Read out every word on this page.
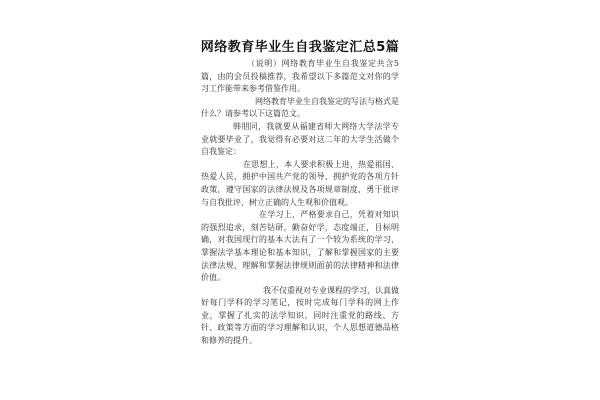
网络教育毕业生自我鉴定汇总5篇

（说明）网络教育毕业生自我鉴定共含5篇，由的会员投稿推荐，我希望以下多篇范文对你的学习工作能带来参考借鉴作用。

网络教育毕业生自我鉴定的写法与格式是什么？请参考以下这篇范文。

韩朋同，我就要从福建省师大网络大学法学专业就要毕业了，我觉得有必要对这二年的大学生活做个自我鉴定：

在思想上，本人要求积极上进，热爱祖国、热爱人民，拥护中国共产党的领导、拥护党的各项方针政策，遵守国家的法律法规及各项规章制度，勇于批评与自我批评，树立正确的人生观和价值观。

在学习上，严格要求自己，凭着对知识的强烈追求，刻苦钻研，勤奋好学，态度端正，目标明确，对我国现行的基本大法有了一个较为系统的学习，掌握法学基本理论和基本知识，了解和掌握国家的主要法律法规，理解和掌握法律规则面前的法律精神和法律价值。

我不仅重视对专业课程的学习，认真做好每门学科的学习笔记，按时完成每门学科的网上作业，掌握了扎实的法学知识，同时注重党的路线、方针、政策等方面的学习理解和认识，个人思想道德品格和修养的提升。
